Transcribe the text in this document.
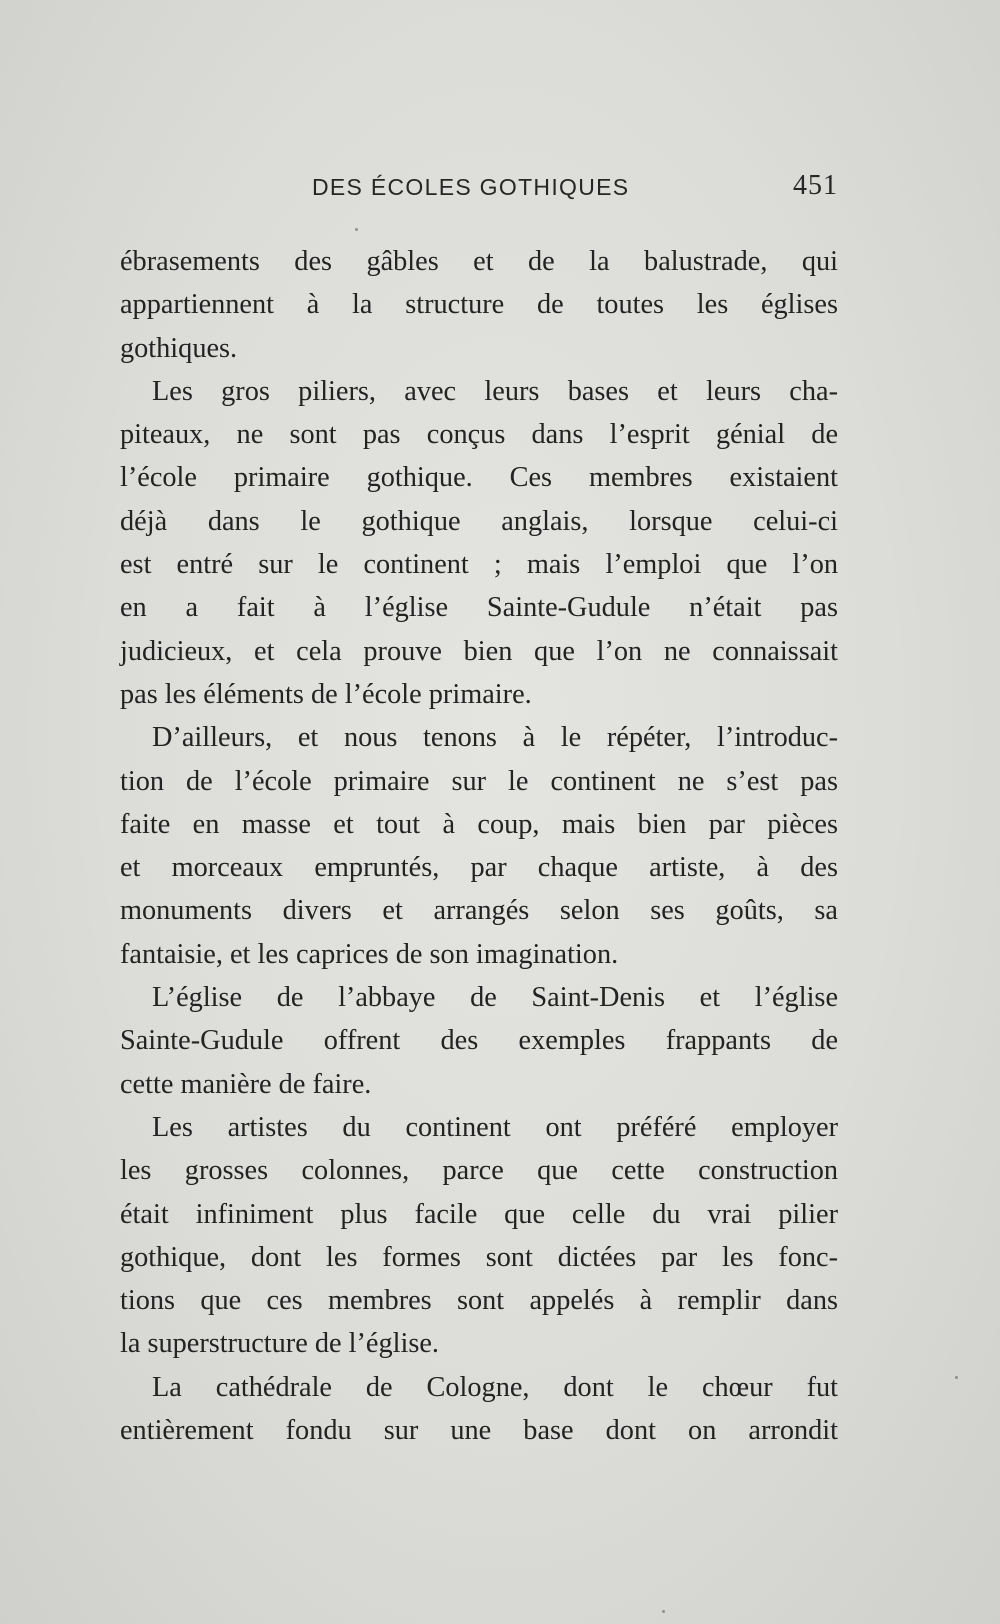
DES ÉCOLES GOTHIQUES	451

ébrasements des gâbles et de la balustrade, qui
appartiennent à la structure de toutes les églises
gothiques.

Les gros piliers, avec leurs bases et leurs cha-
piteaux, ne sont pas conçus dans l’esprit génial de
l’école primaire gothique. Ces membres existaient
déjà dans le gothique anglais, lorsque celui-ci
est entré sur le continent ; mais l’emploi que l’on
en a fait à l’église Sainte-Gudule n’était pas
judicieux, et cela prouve bien que l’on ne connaissait
pas les éléments de l’école primaire.

D’ailleurs, et nous tenons à le répéter, l’introduc-
tion de l’école primaire sur le continent ne s’est pas
faite en masse et tout à coup, mais bien par pièces
et morceaux empruntés, par chaque artiste, à des
monuments divers et arrangés selon ses goûts, sa
fantaisie, et les caprices de son imagination.

L’église de l’abbaye de Saint-Denis et l’église
Sainte-Gudule offrent des exemples frappants de
cette manière de faire.

Les artistes du continent ont préféré employer
les grosses colonnes, parce que cette construction
était infiniment plus facile que celle du vrai pilier
gothique, dont les formes sont dictées par les fonc-
tions que ces membres sont appelés à remplir dans
la superstructure de l’église.

La cathédrale de Cologne, dont le chœur fut
entièrement fondu sur une base dont on arrondit
